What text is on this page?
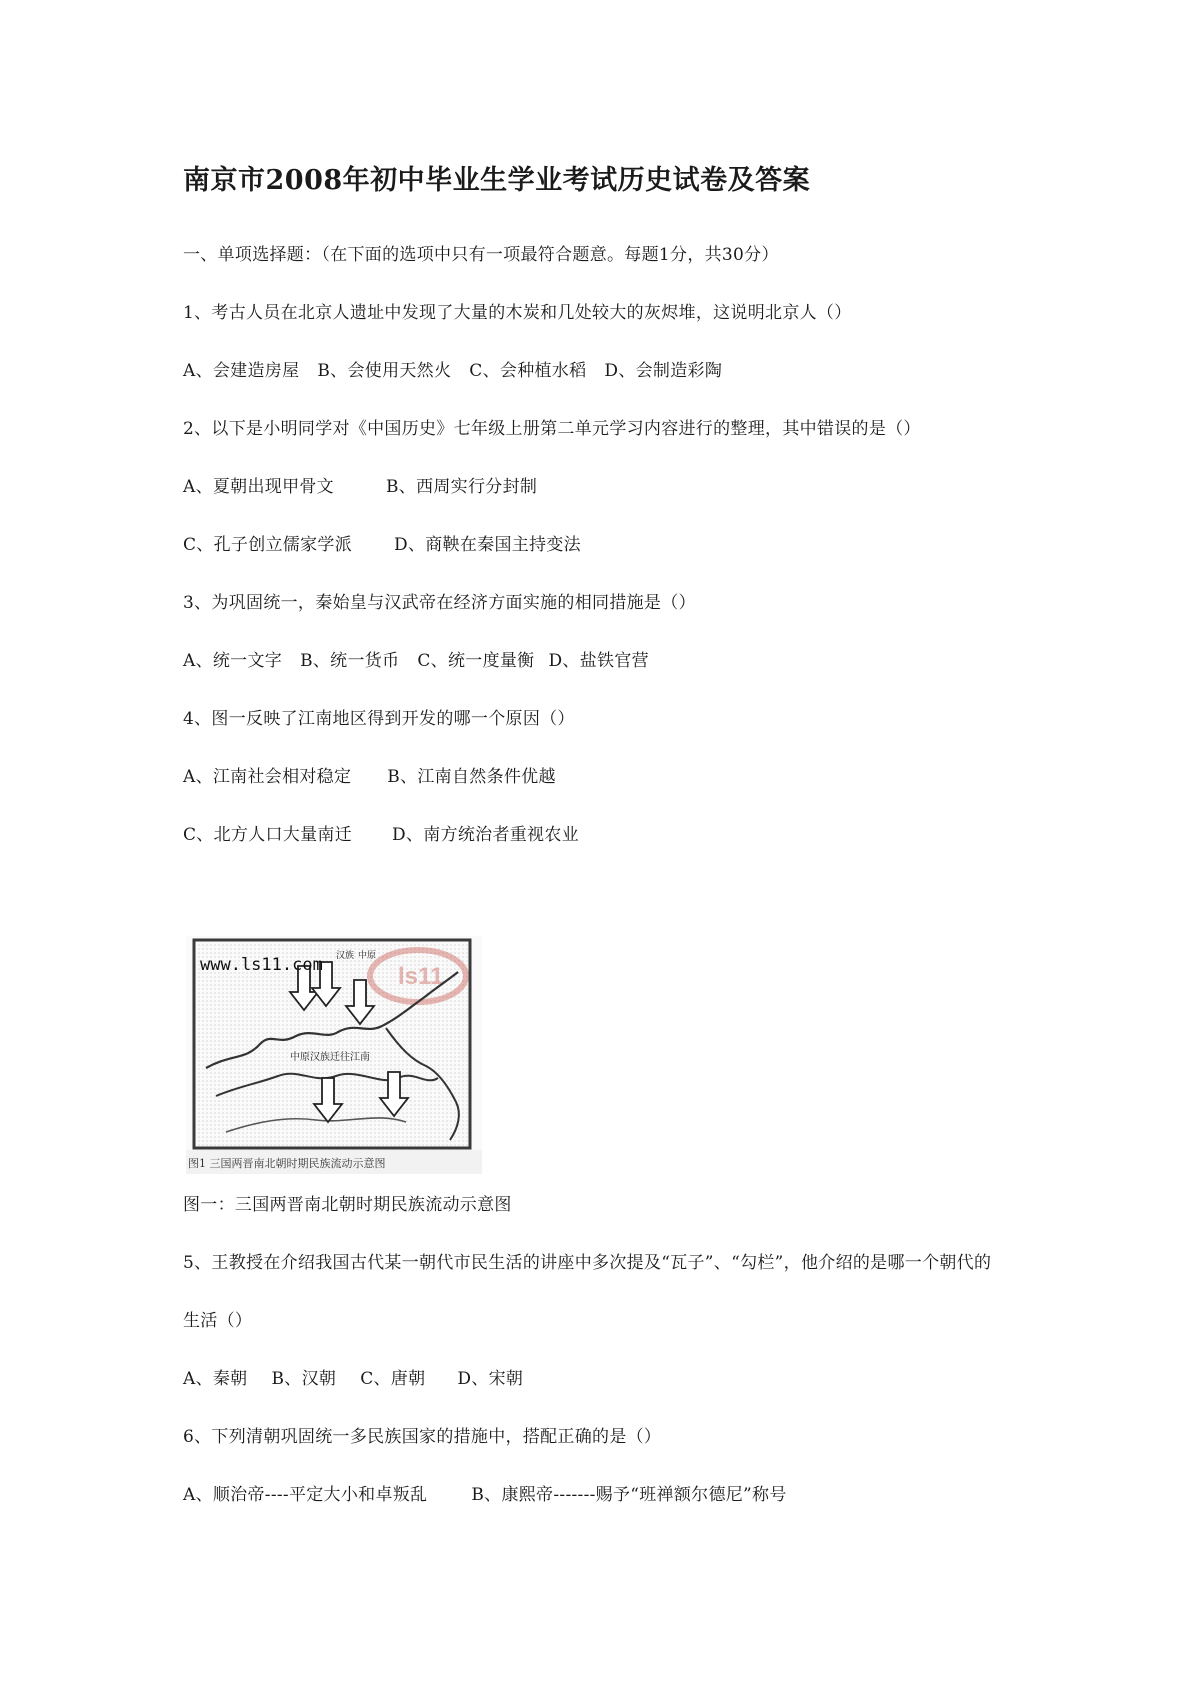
南京市2008年初中毕业生学业考试历史试卷及答案
一、单项选择题：（在下面的选项中只有一项最符合题意。每题1分，共30分）
1、考古人员在北京人遗址中发现了大量的木炭和几处较大的灰烬堆，这说明北京人（）
A、会建造房屋 B、会使用天然火 C、会种植水稻 D、会制造彩陶
2、以下是小明同学对《中国历史》七年级上册第二单元学习内容进行的整理，其中错误的是（）
A、夏朝出现甲骨文	B、西周实行分封制
C、孔子创立儒家学派 D、商鞅在秦国主持变法
3、为巩固统一，秦始皇与汉武帝在经济方面实施的相同措施是（）
A、统一文字 B、统一货币 C、统一度量衡 D、盐铁官营
4、图一反映了江南地区得到开发的哪一个原因（）
A、江南社会相对稳定 B、江南自然条件优越
C、北方人口大量南迁 D、南方统治者重视农业
ls11
www.ls11.com 汉族 中原
中原汉族迁往江南
图1 三国两晋南北朝时期民族流动示意图
图一：三国两晋南北朝时期民族流动示意图
5、王教授在介绍我国古代某一朝代市民生活的讲座中多次提及“瓦子”、“勾栏”，他介绍的是哪一个朝代的
生活（）
A、秦朝 B、汉朝 C、唐朝 D、宋朝
6、下列清朝巩固统一多民族国家的措施中，搭配正确的是（）
A、顺治帝----平定大小和卓叛乱	B、康熙帝-------赐予“班禅额尔德尼”称号
